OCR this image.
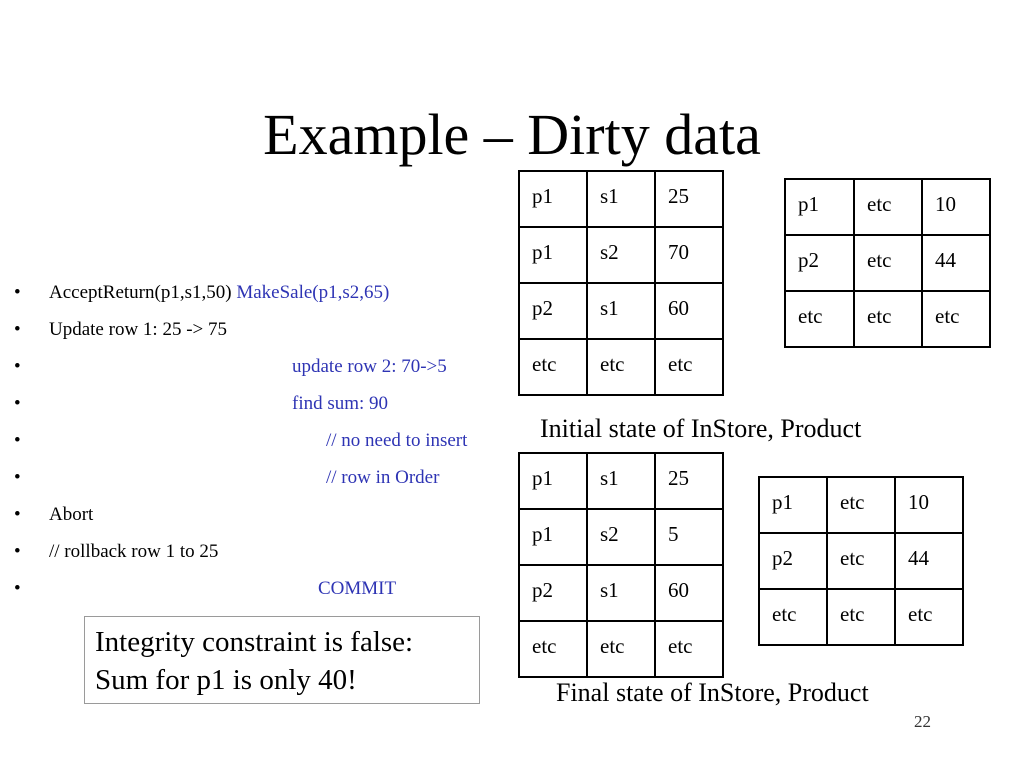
Example – Dirty data
• AcceptReturn(p1,s1,50) MakeSale(p1,s2,65)
• Update row 1: 25 -> 75
•	update row 2: 70->5
•	find sum: 90
•	// no need to insert
•	// row in Order
• Abort
• // rollback row 1 to 25
•	COMMIT
p1	s1	25
p1	s2	70
p2	s1	60
etc	etc	etc
p1	etc	10
p2	etc	44
etc	etc	etc
Initial state of InStore, Product
p1	s1	25
p1	s2	5
p2	s1	60
etc	etc	etc
p1	etc	10
p2	etc	44
etc	etc	etc
Final state of InStore, Product
Integrity constraint is false:
Sum for p1 is only 40!
22
